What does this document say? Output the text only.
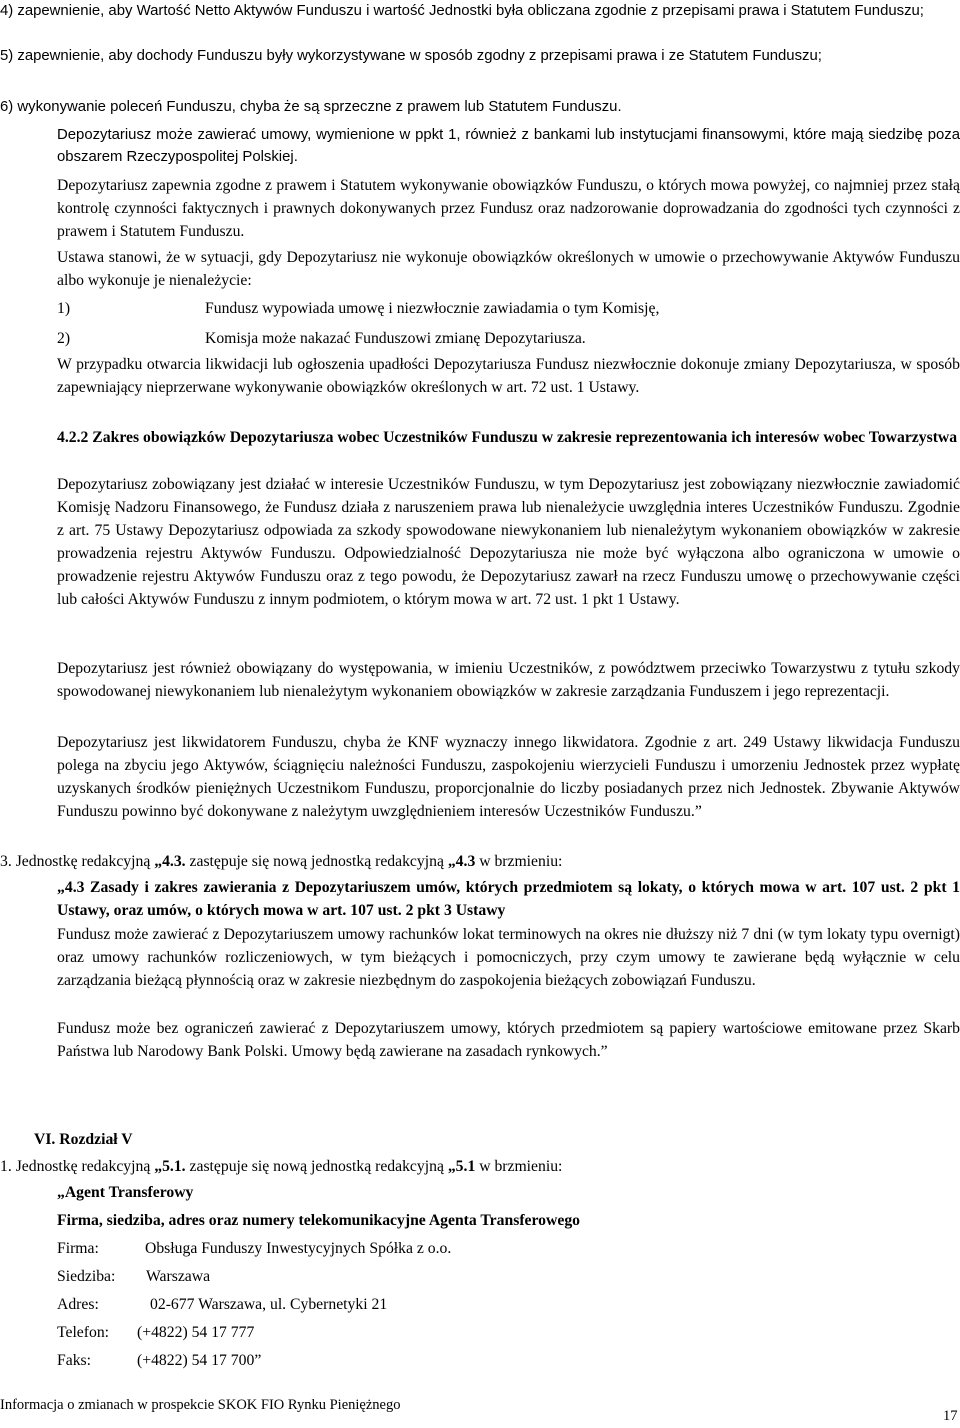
4) zapewnienie, aby Wartość Netto Aktywów Funduszu i wartość Jednostki była obliczana zgodnie z przepisami prawa i Statutem Funduszu;

5) zapewnienie, aby dochody Funduszu były wykorzystywane w sposób zgodny z przepisami prawa i ze Statutem Funduszu;

6) wykonywanie poleceń Funduszu, chyba że są sprzeczne z prawem lub Statutem Funduszu.

Depozytariusz może zawierać umowy, wymienione w ppkt 1, również z bankami lub instytucjami finansowymi, które mają siedzibę poza obszarem Rzeczypospolitej Polskiej.

Depozytariusz zapewnia zgodne z prawem i Statutem wykonywanie obowiązków Funduszu, o których mowa powyżej, co najmniej przez stałą kontrolę czynności faktycznych i prawnych dokonywanych przez Fundusz oraz nadzorowanie doprowadzania do zgodności tych czynności z prawem i Statutem Funduszu.

Ustawa stanowi, że w sytuacji, gdy Depozytariusz nie wykonuje obowiązków określonych w umowie o przechowywanie Aktywów Funduszu albo wykonuje je nienależycie:

1)	Fundusz wypowiada umowę i niezwłocznie zawiadamia o tym Komisję,
2)	Komisja może nakazać Funduszowi zmianę Depozytariusza.

W przypadku otwarcia likwidacji lub ogłoszenia upadłości Depozytariusza Fundusz niezwłocznie dokonuje zmiany Depozytariusza, w sposób zapewniający nieprzerwane wykonywanie obowiązków określonych w art. 72 ust. 1 Ustawy.

4.2.2 Zakres obowiązków Depozytariusza wobec Uczestników Funduszu w zakresie reprezentowania ich interesów wobec Towarzystwa

Depozytariusz zobowiązany jest działać w interesie Uczestników Funduszu, w tym Depozytariusz jest zobowiązany niezwłocznie zawiadomić Komisję Nadzoru Finansowego, że Fundusz działa z naruszeniem prawa lub nienależycie uwzględnia interes Uczestników Funduszu. Zgodnie z art. 75 Ustawy Depozytariusz odpowiada za szkody spowodowane niewykonaniem lub nienależytym wykonaniem obowiązków w zakresie prowadzenia rejestru Aktywów Funduszu. Odpowiedzialność Depozytariusza nie może być wyłączona albo ograniczona w umowie o prowadzenie rejestru Aktywów Funduszu oraz z tego powodu, że Depozytariusz zawarł na rzecz Funduszu umowę o przechowywanie części lub całości Aktywów Funduszu z innym podmiotem, o którym mowa w art. 72 ust. 1 pkt 1 Ustawy.

Depozytariusz jest również obowiązany do występowania, w imieniu Uczestników, z powództwem przeciwko Towarzystwu z tytułu szkody spowodowanej niewykonaniem lub nienależytym wykonaniem obowiązków w zakresie zarządzania Funduszem i jego reprezentacji.

Depozytariusz jest likwidatorem Funduszu, chyba że KNF wyznaczy innego likwidatora. Zgodnie z art. 249 Ustawy likwidacja Funduszu polega na zbyciu jego Aktywów, ściągnięciu należności Funduszu, zaspokojeniu wierzycieli Funduszu i umorzeniu Jednostek przez wypłatę uzyskanych środków pieniężnych Uczestnikom Funduszu, proporcjonalnie do liczby posiadanych przez nich Jednostek. Zbywanie Aktywów Funduszu powinno być dokonywane z należytym uwzględnieniem interesów Uczestników Funduszu.”

3. Jednostkę redakcyjną „4.3. zastępuje się nową jednostką redakcyjną „4.3 w brzmieniu:

„4.3 Zasady i zakres zawierania z Depozytariuszem umów, których przedmiotem są lokaty, o których mowa w art. 107 ust. 2 pkt 1 Ustawy, oraz umów, o których mowa w art. 107 ust. 2 pkt 3 Ustawy

Fundusz może zawierać z Depozytariuszem umowy rachunków lokat terminowych na okres nie dłuższy niż 7 dni (w tym lokaty typu overnigt) oraz umowy rachunków rozliczeniowych, w tym bieżących i pomocniczych, przy czym umowy te zawierane będą wyłącznie w celu zarządzania bieżącą płynnością oraz w zakresie niezbędnym do zaspokojenia bieżących zobowiązań Funduszu.

Fundusz może bez ograniczeń zawierać z Depozytariuszem umowy, których przedmiotem są papiery wartościowe emitowane przez Skarb Państwa lub Narodowy Bank Polski. Umowy będą zawierane na zasadach rynkowych.”

VI. Rozdział V

1. Jednostkę redakcyjną „5.1. zastępuje się nową jednostką redakcyjną „5.1 w brzmieniu:

„Agent Transferowy

Firma, siedziba, adres oraz numery telekomunikacyjne Agenta Transferowego

Firma:	Obsługa Funduszy Inwestycyjnych Spółka z o.o.
Siedziba: Warszawa
Adres:	02-677 Warszawa, ul. Cybernetyki 21
Telefon: (+4822) 54 17 777
Faks:	(+4822) 54 17 700”
Informacja o zmianach w prospekcie SKOK FIO Rynku Pieniężnego
17
